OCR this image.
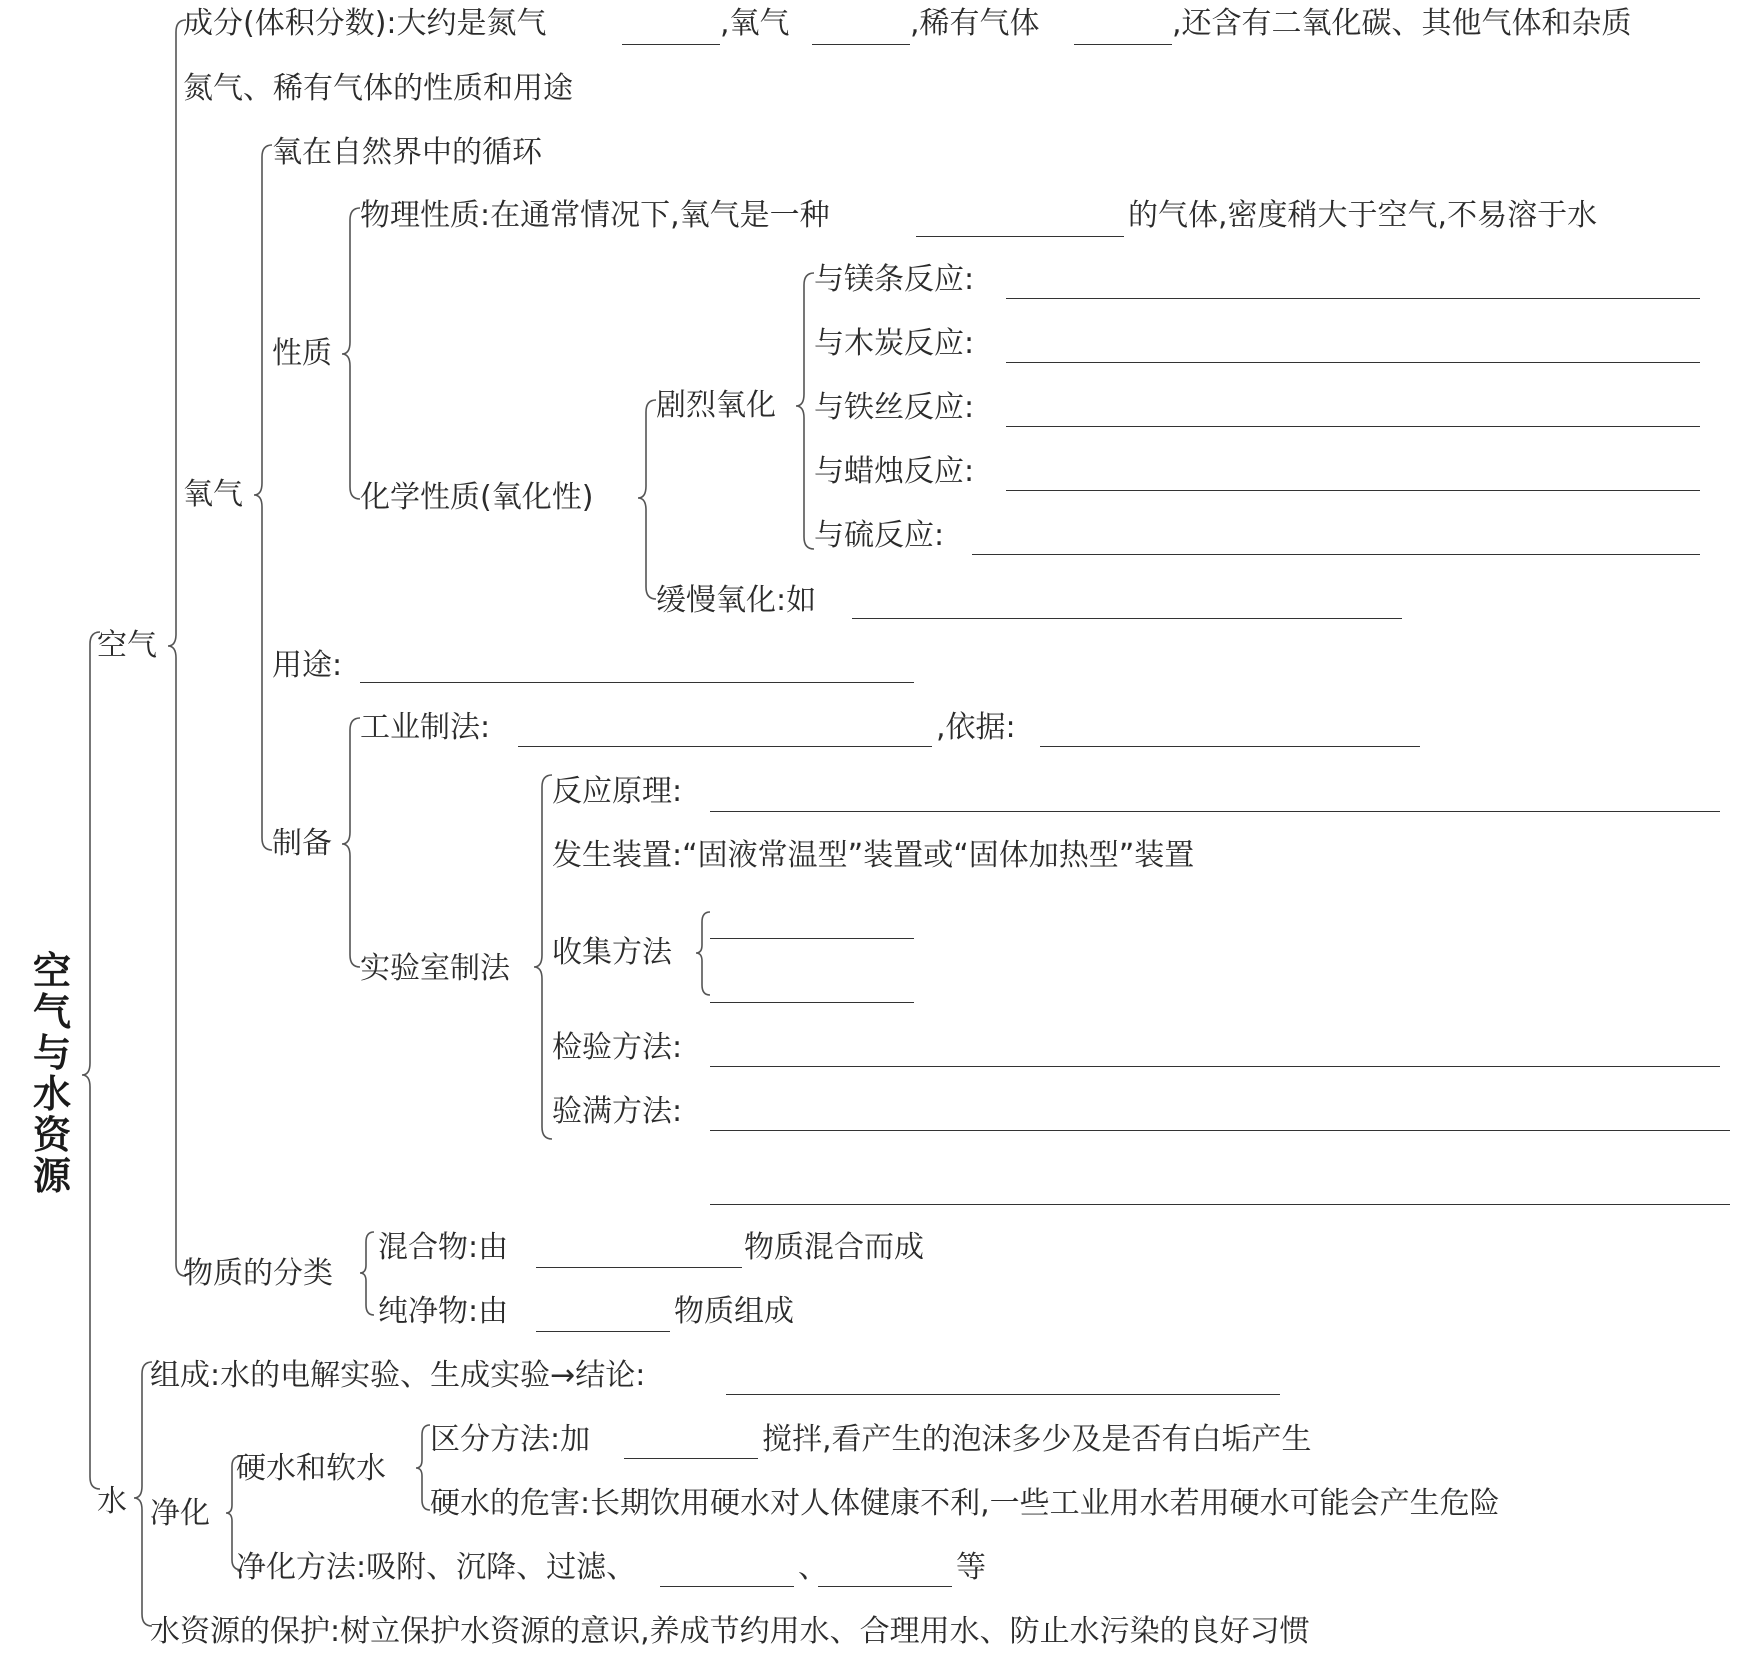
空气与水资源
空气
成分(体积分数):大约是氮气	,氧气	,稀有气体	,还含有二氧化碳、其他气体和杂质
氮气、稀有气体的性质和用途
氧气
氧在自然界中的循环
性质
物理性质:在通常情况下,氧气是一种	的气体,密度稍大于空气,不易溶于水
化学性质(氧化性)
剧烈氧化
与镁条反应:
与木炭反应:
与铁丝反应:
与蜡烛反应:
与硫反应:
缓慢氧化:如
用途:
制备
工业制法:	,依据:
实验室制法
反应原理:
发生装置:“固液常温型”装置或“固体加热型”装置
收集方法
检验方法:
验满方法:
物质的分类
混合物:由	物质混合而成
纯净物:由	物质组成
水
组成:水的电解实验、生成实验→结论:
净化
硬水和软水
区分方法:加	搅拌,看产生的泡沫多少及是否有白垢产生
硬水的危害:长期饮用硬水对人体健康不利,一些工业用水若用硬水可能会产生危险
净化方法:吸附、沉降、过滤、	、	等
水资源的保护:树立保护水资源的意识,养成节约用水、合理用水、防止水污染的良好习惯
